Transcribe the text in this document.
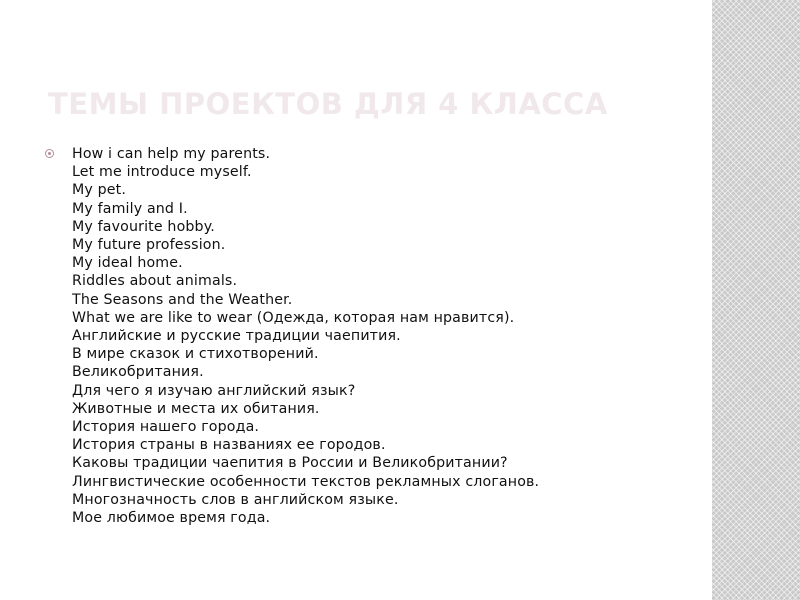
ТЕМЫ ПРОЕКТОВ ДЛЯ 4 КЛАССА
How i can help my parents.
Let me introduce myself.
My pet.
My family and I.
My favourite hobby.
My future profession.
My ideal home.
Riddles about animals.
The Seasons and the Weather.
What we are like to wear (Одежда, которая нам нравится).
Английские и русские традиции чаепития.
В мире сказок и стихотворений.
Великобритания.
Для чего я изучаю английский язык?
Животные и места их обитания.
История нашего города.
История страны в названиях ее городов.
Каковы традиции чаепития в России и Великобритании?
Лингвистические особенности текстов рекламных слоганов.
Многозначность слов в английском языке.
Мое любимое время года.
